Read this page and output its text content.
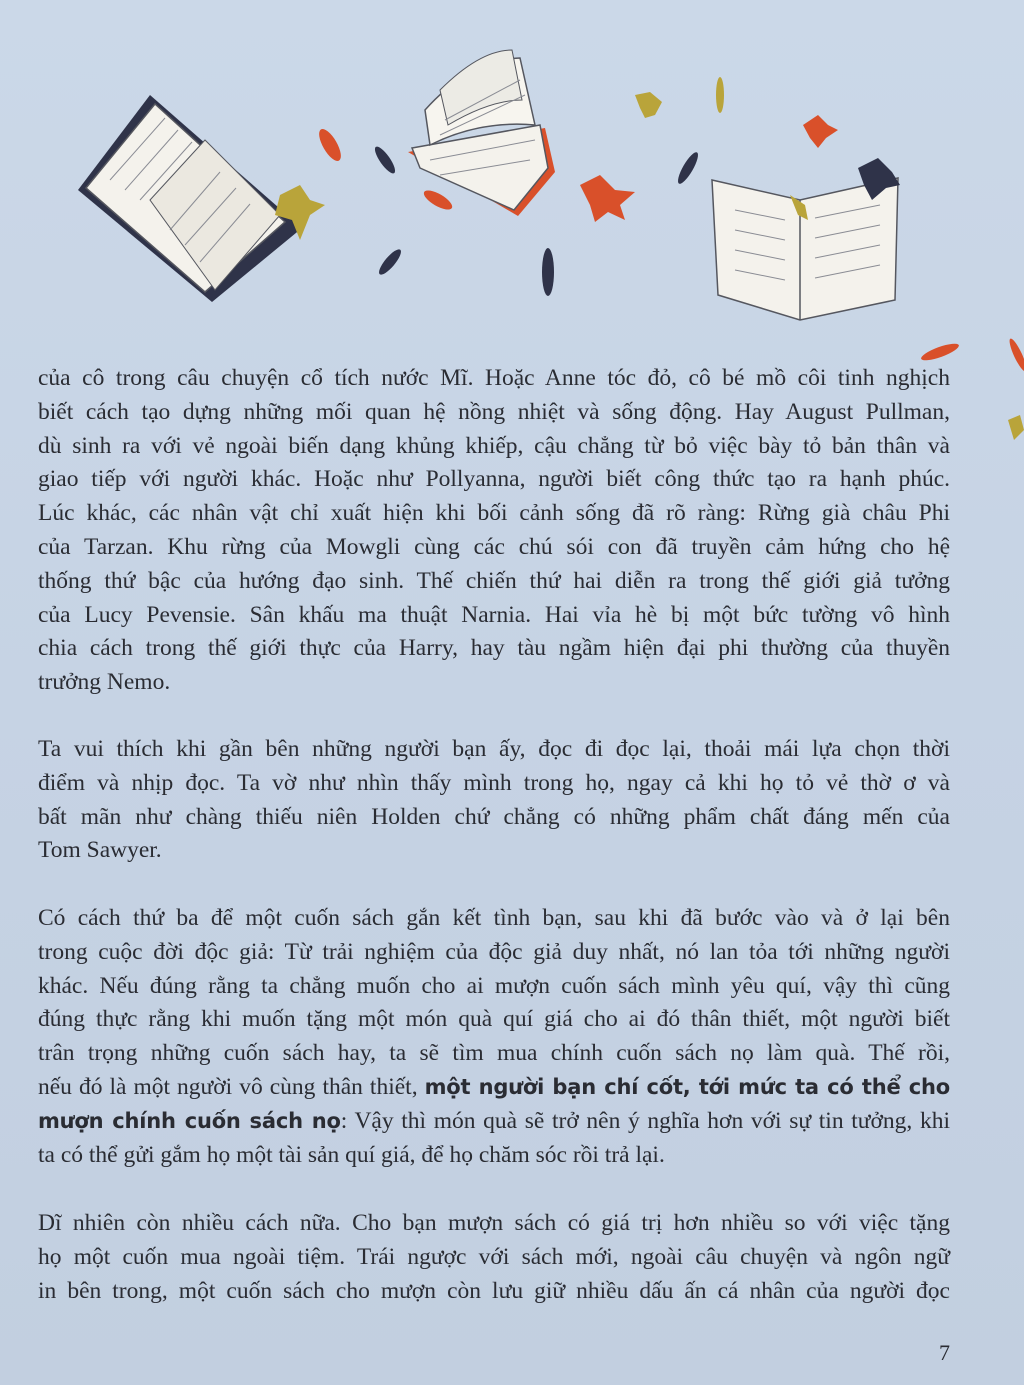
của cô trong câu chuyện cổ tích nước Mĩ. Hoặc Anne tóc đỏ, cô bé mồ côi tinh nghịch
biết cách tạo dựng những mối quan hệ nồng nhiệt và sống động. Hay August Pullman,
dù sinh ra với vẻ ngoài biến dạng khủng khiếp, cậu chẳng từ bỏ việc bày tỏ bản thân và
giao tiếp với người khác. Hoặc như Pollyanna, người biết công thức tạo ra hạnh phúc.
Lúc khác, các nhân vật chỉ xuất hiện khi bối cảnh sống đã rõ ràng: Rừng già châu Phi
của Tarzan. Khu rừng của Mowgli cùng các chú sói con đã truyền cảm hứng cho hệ
thống thứ bậc của hướng đạo sinh. Thế chiến thứ hai diễn ra trong thế giới giả tưởng
của Lucy Pevensie. Sân khấu ma thuật Narnia. Hai vỉa hè bị một bức tường vô hình
chia cách trong thế giới thực của Harry, hay tàu ngầm hiện đại phi thường của thuyền
trưởng Nemo.
Ta vui thích khi gần bên những người bạn ấy, đọc đi đọc lại, thoải mái lựa chọn thời
điểm và nhịp đọc. Ta vờ như nhìn thấy mình trong họ, ngay cả khi họ tỏ vẻ thờ ơ và
bất mãn như chàng thiếu niên Holden chứ chẳng có những phẩm chất đáng mến của
Tom Sawyer.
Có cách thứ ba để một cuốn sách gắn kết tình bạn, sau khi đã bước vào và ở lại bên
trong cuộc đời độc giả: Từ trải nghiệm của độc giả duy nhất, nó lan tỏa tới những người
khác. Nếu đúng rằng ta chẳng muốn cho ai mượn cuốn sách mình yêu quí, vậy thì cũng
đúng thực rằng khi muốn tặng một món quà quí giá cho ai đó thân thiết, một người biết
trân trọng những cuốn sách hay, ta sẽ tìm mua chính cuốn sách nọ làm quà. Thế rồi,
nếu đó là một người vô cùng thân thiết, một người bạn chí cốt, tới mức ta có thể cho
mượn chính cuốn sách nọ: Vậy thì món quà sẽ trở nên ý nghĩa hơn với sự tin tưởng, khi
ta có thể gửi gắm họ một tài sản quí giá, để họ chăm sóc rồi trả lại.
Dĩ nhiên còn nhiều cách nữa. Cho bạn mượn sách có giá trị hơn nhiều so với việc tặng
họ một cuốn mua ngoài tiệm. Trái ngược với sách mới, ngoài câu chuyện và ngôn ngữ
in bên trong, một cuốn sách cho mượn còn lưu giữ nhiều dấu ấn cá nhân của người đọc
7
